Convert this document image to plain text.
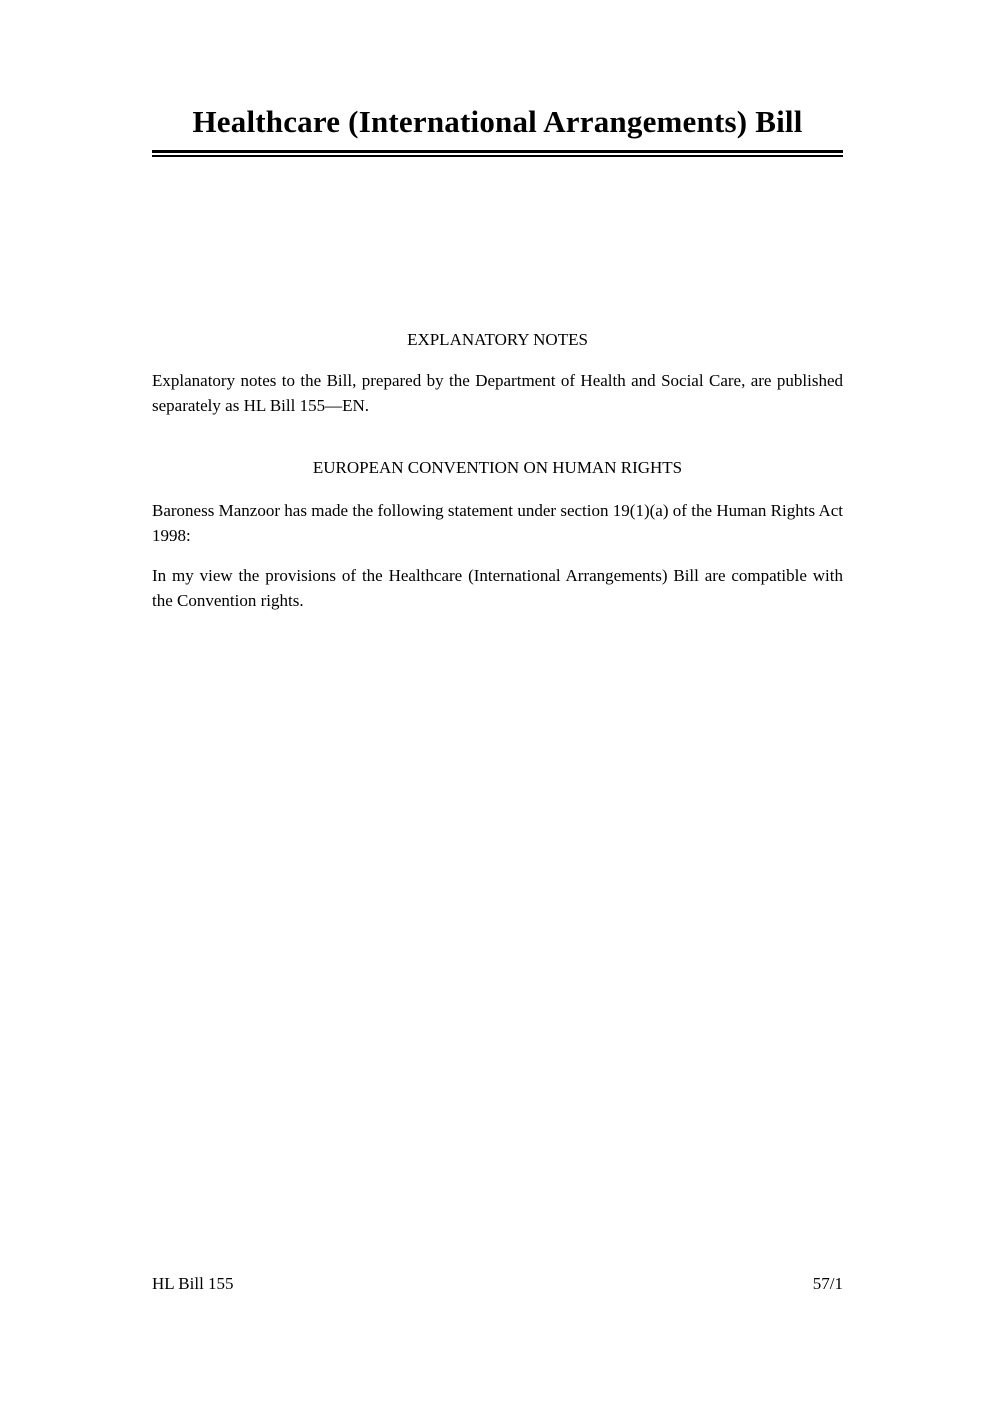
Healthcare (International Arrangements) Bill
EXPLANATORY NOTES

Explanatory notes to the Bill, prepared by the Department of Health and Social Care, are published separately as HL Bill 155—EN.

EUROPEAN CONVENTION ON HUMAN RIGHTS

Baroness Manzoor has made the following statement under section 19(1)(a) of the Human Rights Act 1998:

In my view the provisions of the Healthcare (International Arrangements) Bill are compatible with the Convention rights.

HL Bill 155	57/1
